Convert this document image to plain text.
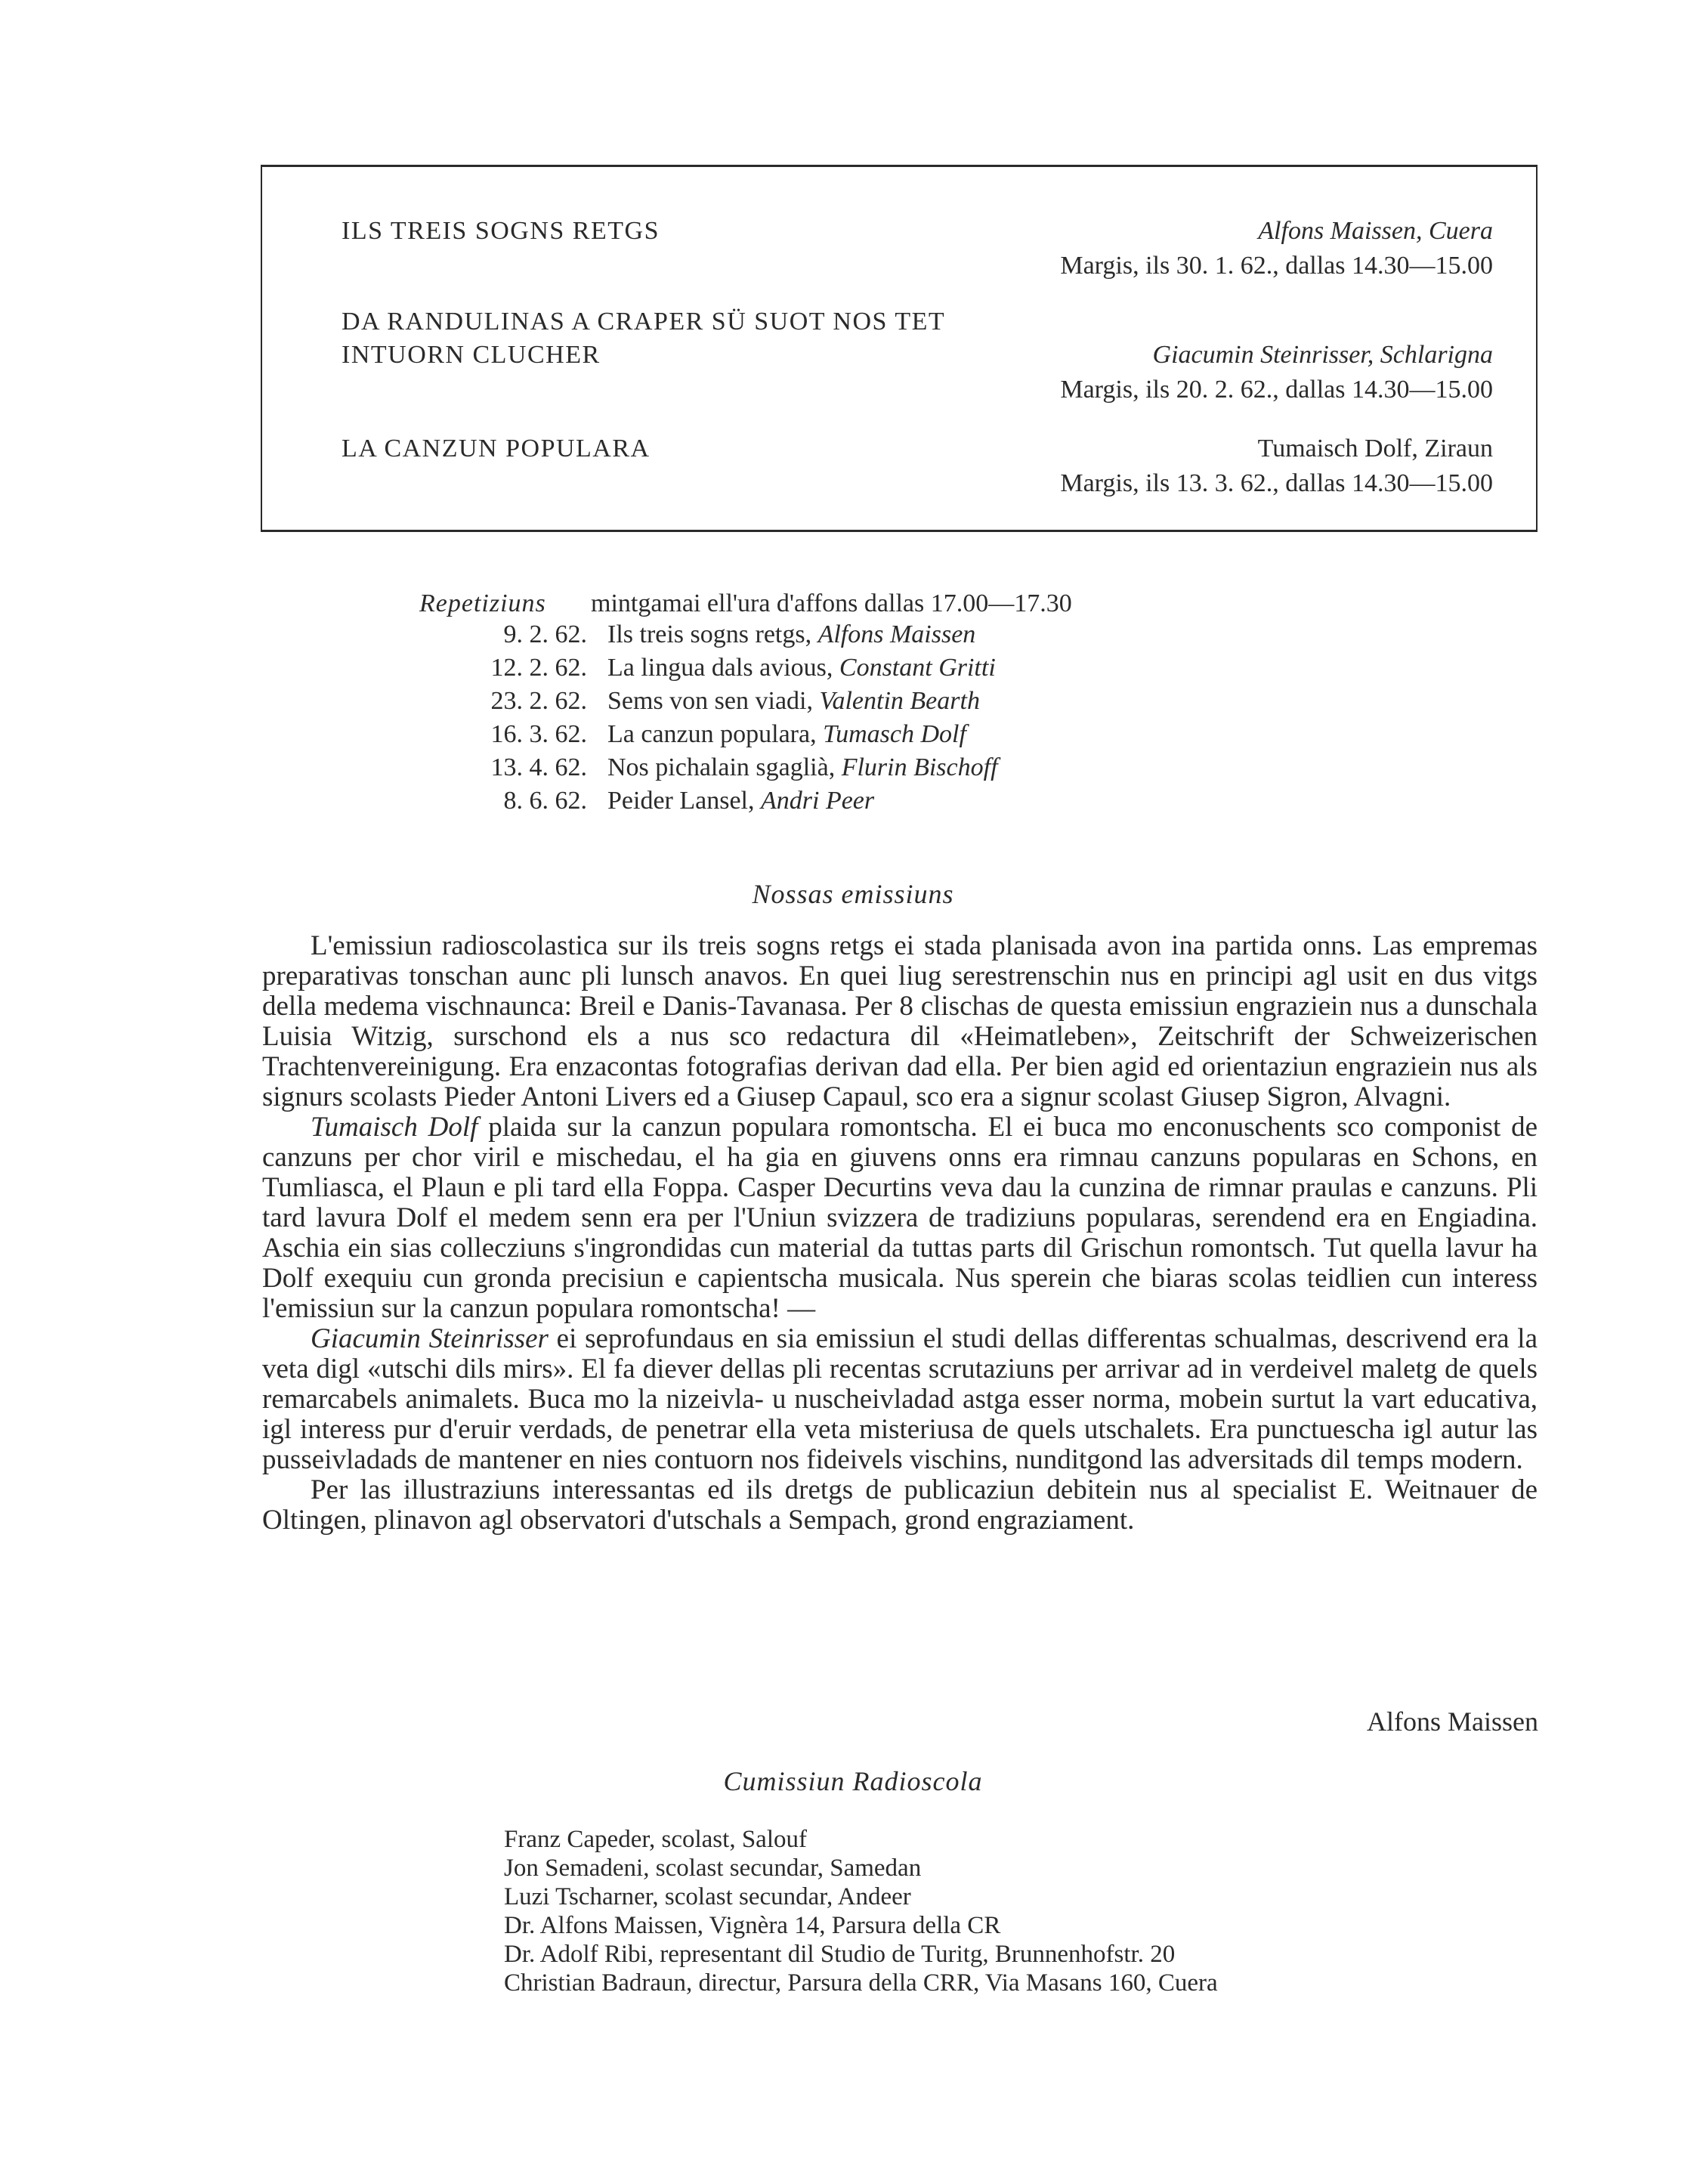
ILS TREIS SOGNS RETGS	Alfons Maissen, Cuera
Margis, ils 30. 1. 62., dallas 14.30—15.00
DA RANDULINAS A CRAPER SÜ SUOT NOS TET
INTUORN CLUCHER	Giacumin Steinrisser, Schlarigna
Margis, ils 20. 2. 62., dallas 14.30—15.00
LA CANZUN POPULARA	Tumaisch Dolf, Ziraun
Margis, ils 13. 3. 62., dallas 14.30—15.00
Repetiziuns mintgamai ell'ura d'affons dallas 17.00—17.30
9. 2. 62. Ils treis sogns retgs, Alfons Maissen
12. 2. 62. La lingua dals avious, Constant Gritti
23. 2. 62. Sems von sen viadi, Valentin Bearth
16. 3. 62. La canzun populara, Tumasch Dolf
13. 4. 62. Nos pichalain sgaglià, Flurin Bischoff
8. 6. 62. Peider Lansel, Andri Peer
Nossas emissiuns

L'emissiun radioscolastica sur ils treis sogns retgs ei stada planisada avon ina partida onns. Las empremas preparativas tonschan aunc pli lunsch anavos. En quei liug serestrenschin nus en principi agl usit en dus vitgs della medema vischnaunca: Breil e Danis-Tavanasa. Per 8 clischas de questa emissiun engraziein nus a dunschala Luisia Witzig, surschond els a nus sco redactura dil «Heimatleben», Zeitschrift der Schweizerischen Trachtenvereinigung. Era enzacontas fotografias derivan dad ella. Per bien agid ed orientaziun engraziein nus als signurs scolasts Pieder Antoni Livers ed a Giusep Capaul, sco era a signur scolast Giusep Sigron, Alvagni.

Tumaisch Dolf plaida sur la canzun populara romontscha. El ei buca mo enconuschents sco componist de canzuns per chor viril e mischedau, el ha gia en giuvens onns era rimnau canzuns popularas en Schons, en Tumliasca, el Plaun e pli tard ella Foppa. Casper Decurtins veva dau la cunzina de rimnar praulas e canzuns. Pli tard lavura Dolf el medem senn era per l'Uniun svizzera de tradiziuns popularas, serendend era en Engiadina. Aschia ein sias collecziuns s'ingrondidas cun material da tuttas parts dil Grischun romontsch. Tut quella lavur ha Dolf exequiu cun gronda precisiun e capientscha musicala. Nus sperein che biaras scolas teidlien cun interess l'emissiun sur la canzun populara romontscha! —

Giacumin Steinrisser ei seprofundaus en sia emissiun el studi dellas differentas schualmas, descrivend era la veta digl «utschi dils mirs». El fa diever dellas pli recentas scrutaziuns per arrivar ad in verdeivel maletg de quels remarcabels animalets. Buca mo la nizeivla- u nuscheivladad astga esser norma, mobein surtut la vart educativa, igl interess pur d'eruir verdads, de penetrar ella veta misteriusa de quels utschalets. Era punctuescha igl autur las pusseivladads de mantener en nies contuorn nos fideivels vischins, nunditgond las adversitads dil temps modern.

Per las illustraziuns interessantas ed ils dretgs de publicaziun debitein nus al specialist E. Weitnauer de Oltingen, plinavon agl observatori d'utschals a Sempach, grond engraziament.

Alfons Maissen
Cumissiun Radioscola
Franz Capeder, scolast, Salouf
Jon Semadeni, scolast secundar, Samedan
Luzi Tscharner, scolast secundar, Andeer
Dr. Alfons Maissen, Vignèra 14, Parsura della CR
Dr. Adolf Ribi, representant dil Studio de Turitg, Brunnenhofstr. 20
Christian Badraun, directur, Parsura della CRR, Via Masans 160, Cuera
